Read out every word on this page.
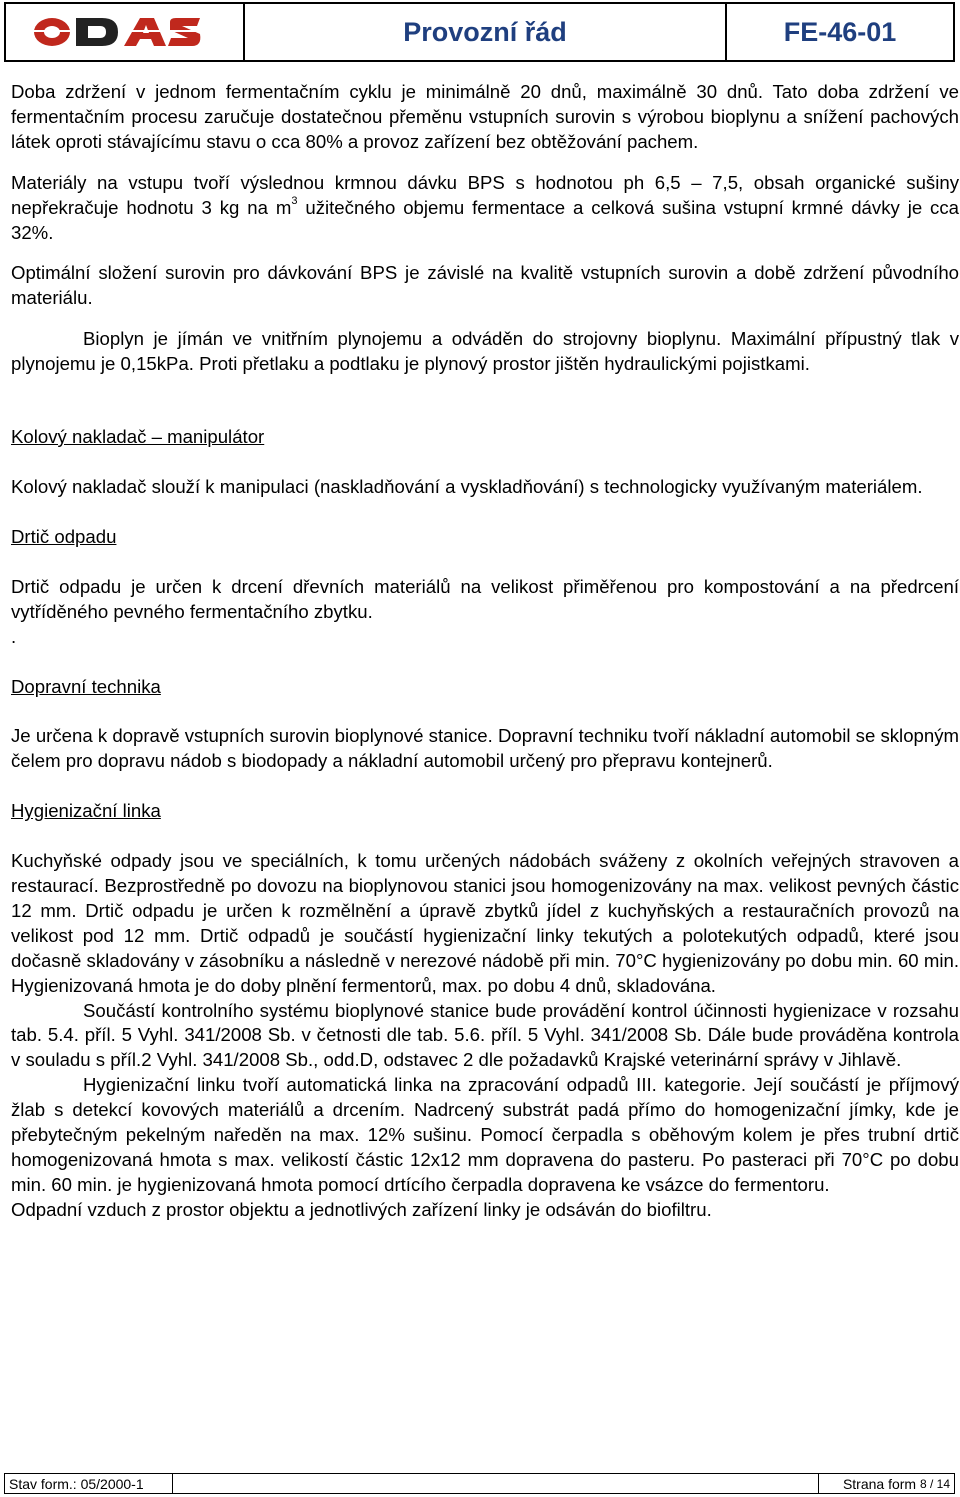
Provozní řád	FE-46-01

Doba zdržení v jednom fermentačním cyklu je minimálně 20 dnů, maximálně 30 dnů. Tato doba zdržení ve fermentačním procesu zaručuje dostatečnou přeměnu vstupních surovin s výrobou bioplynu a snížení pachových látek oproti stávajícímu stavu o cca 80% a provoz zařízení bez obtěžování pachem.

Materiály na vstupu tvoří výslednou krmnou dávku BPS s hodnotou ph 6,5 – 7,5, obsah organické sušiny nepřekračuje hodnotu 3 kg na $m^3$ užitečného objemu fermentace a celková sušina vstupní krmné dávky je cca 32%.

Optimální složení surovin pro dávkování BPS je závislé na kvalitě vstupních surovin a době zdržení původního materiálu.

Bioplyn je jímán ve vnitřním plynojemu a odváděn do strojovny bioplynu. Maximální přípustný tlak v plynojemu je 0,15kPa. Proti přetlaku a podtlaku je plynový prostor jištěn hydraulickými pojistkami.

Kolový nakladač – manipulátor

Kolový nakladač slouží k manipulaci (naskladňování a vyskladňování) s technologicky využívaným materiálem.

Drtič odpadu

Drtič odpadu je určen k drcení dřevních materiálů na velikost přiměřenou pro kompostování a na předrcení vytříděného pevného fermentačního zbytku.

.

Dopravní technika

Je určena k dopravě vstupních surovin bioplynové stanice. Dopravní techniku tvoří nákladní automobil se sklopným čelem pro dopravu nádob s biodopady a nákladní automobil určený pro přepravu kontejnerů.

Hygienizační linka

Kuchyňské odpady jsou ve speciálních, k tomu určených nádobách sváženy z okolních veřejných stravoven a restaurací. Bezprostředně po dovozu na bioplynovou stanici jsou homogenizovány na max. velikost pevných částic 12 mm. Drtič odpadu je určen k rozmělnění a úpravě zbytků jídel z kuchyňských a restauračních provozů na velikost pod 12 mm. Drtič odpadů je součástí hygienizační linky tekutých a polotekutých odpadů, které jsou dočasně skladovány v zásobníku a následně v nerezové nádobě při min. 70°C hygienizovány po dobu min. 60 min. Hygienizovaná hmota je do doby plnění fermentorů, max. po dobu 4 dnů, skladována.

Součástí kontrolního systému bioplynové stanice bude provádění kontrol účinnosti hygienizace v rozsahu tab. 5.4. příl. 5 Vyhl. 341/2008 Sb. v četnosti dle tab. 5.6. příl. 5 Vyhl. 341/2008 Sb. Dále bude prováděna kontrola v souladu s příl.2 Vyhl. 341/2008 Sb., odd.D, odstavec 2 dle požadavků Krajské veterinární správy v Jihlavě.

Hygienizační linku tvoří automatická linka na zpracování odpadů III. kategorie. Její součástí je příjmový žlab s detekcí kovových materiálů a drcením. Nadrcený substrát padá přímo do homogenizační jímky, kde je přebytečným pekelným naředěn na max. 12% sušinu. Pomocí čerpadla s oběhovým kolem je přes trubní drtič homogenizovaná hmota s max. velikostí částic 12x12 mm dopravena do pasteru. Po pasteraci při 70°C po dobu min. 60 min. je hygienizovaná hmota pomocí drtícího čerpadla dopravena ke vsázce do fermentoru.

Odpadní vzduch z prostor objektu a jednotlivých zařízení linky je odsáván do biofiltru.

Stav form.: 05/2000-1	Strana form
8 / 14
